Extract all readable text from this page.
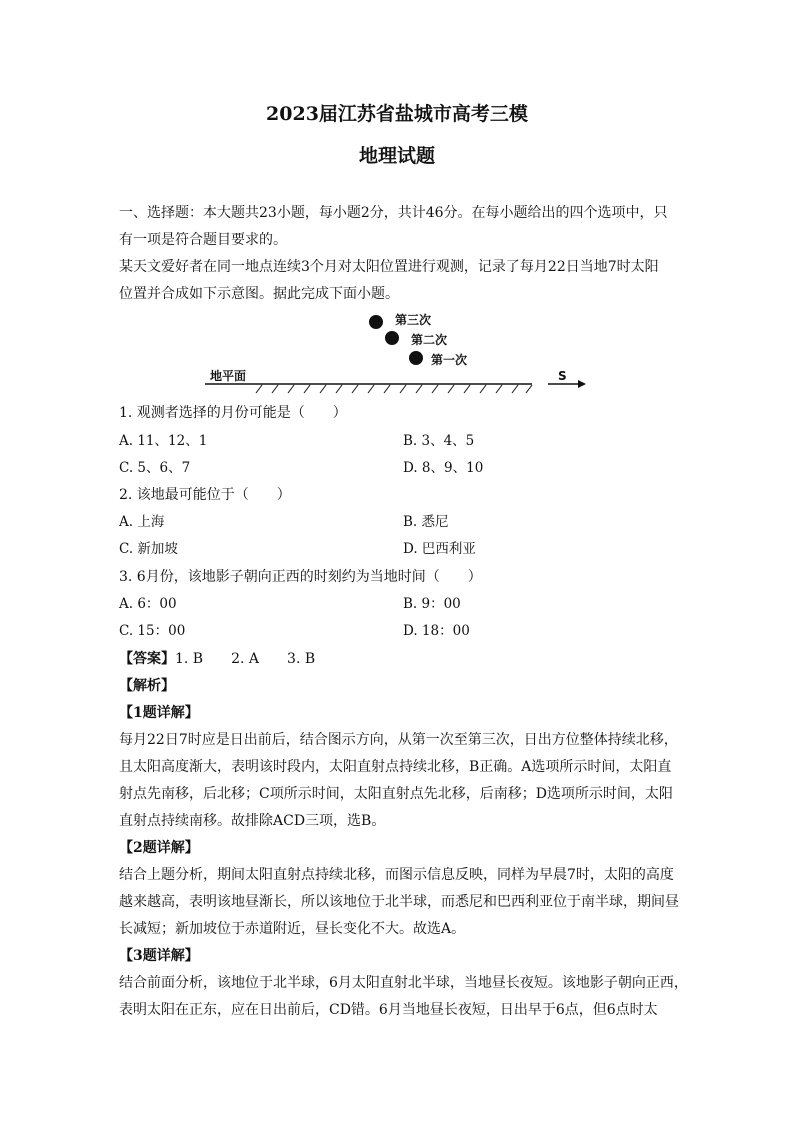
2023届江苏省盐城市高考三模
地理试题
一、选择题：本大题共23小题，每小题2分，共计46分。在每小题给出的四个选项中，只
有一项是符合题目要求的。
某天文爱好者在同一地点连续3个月对太阳位置进行观测，记录了每月22日当地7时太阳
位置并合成如下示意图。据此完成下面小题。
第三次
第二次
第一次
地平面	S
1. 观测者选择的月份可能是（　　）
A. 11、12、1	B. 3、4、5
C. 5、6、7	D. 8、9、10
2. 该地最可能位于（　　）
A. 上海	B. 悉尼
C. 新加坡	D. 巴西利亚
3. 6月份，该地影子朝向正西的时刻约为当地时间（　　）
A. 6：00	B. 9：00
C. 15：00	D. 18：00
【答案】1. B 2. A 3. B
【解析】
【1题详解】
每月22日7时应是日出前后，结合图示方向，从第一次至第三次，日出方位整体持续北移，
且太阳高度渐大，表明该时段内，太阳直射点持续北移，B正确。A选项所示时间，太阳直
射点先南移，后北移；C项所示时间，太阳直射点先北移，后南移；D选项所示时间，太阳
直射点持续南移。故排除ACD三项，选B。
【2题详解】
结合上题分析，期间太阳直射点持续北移，而图示信息反映，同样为早晨7时，太阳的高度
越来越高，表明该地昼渐长，所以该地位于北半球，而悉尼和巴西利亚位于南半球，期间昼
长减短；新加坡位于赤道附近，昼长变化不大。故选A。
【3题详解】
结合前面分析，该地位于北半球，6月太阳直射北半球，当地昼长夜短。该地影子朝向正西，
表明太阳在正东，应在日出前后，CD错。6月当地昼长夜短，日出早于6点，但6点时太
